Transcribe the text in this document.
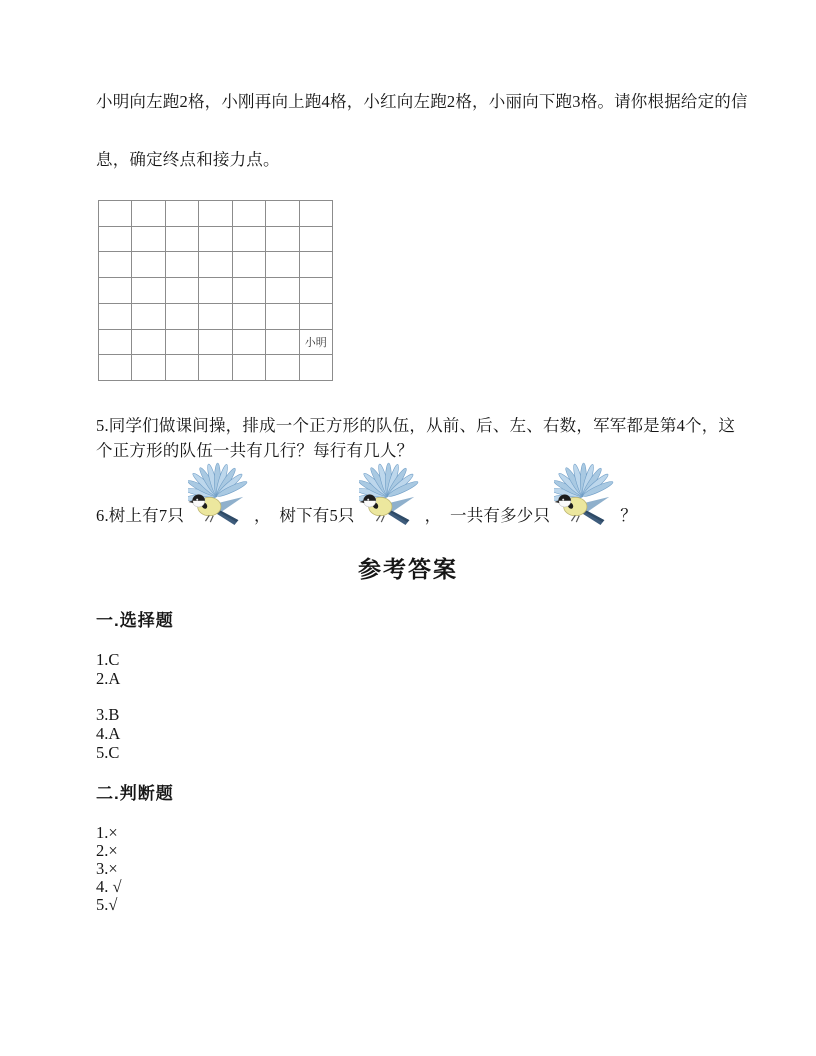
小明向左跑2格，小刚再向上跑4格，小红向左跑2格，小丽向下跑3格。请你根据给定的信
息，确定终点和接力点。
小明
5.同学们做课间操，排成一个正方形的队伍，从前、后、左、右数，军军都是第4个，这
个正方形的队伍一共有几行？每行有几人？
6.树上有7只	，  树下有5只	，  一共有多少只	？
参考答案
一.选择题
1.C
2.A
3.B
4.A
5.C
二.判断题
1.×
2.×
3.×
4. √
5.√
